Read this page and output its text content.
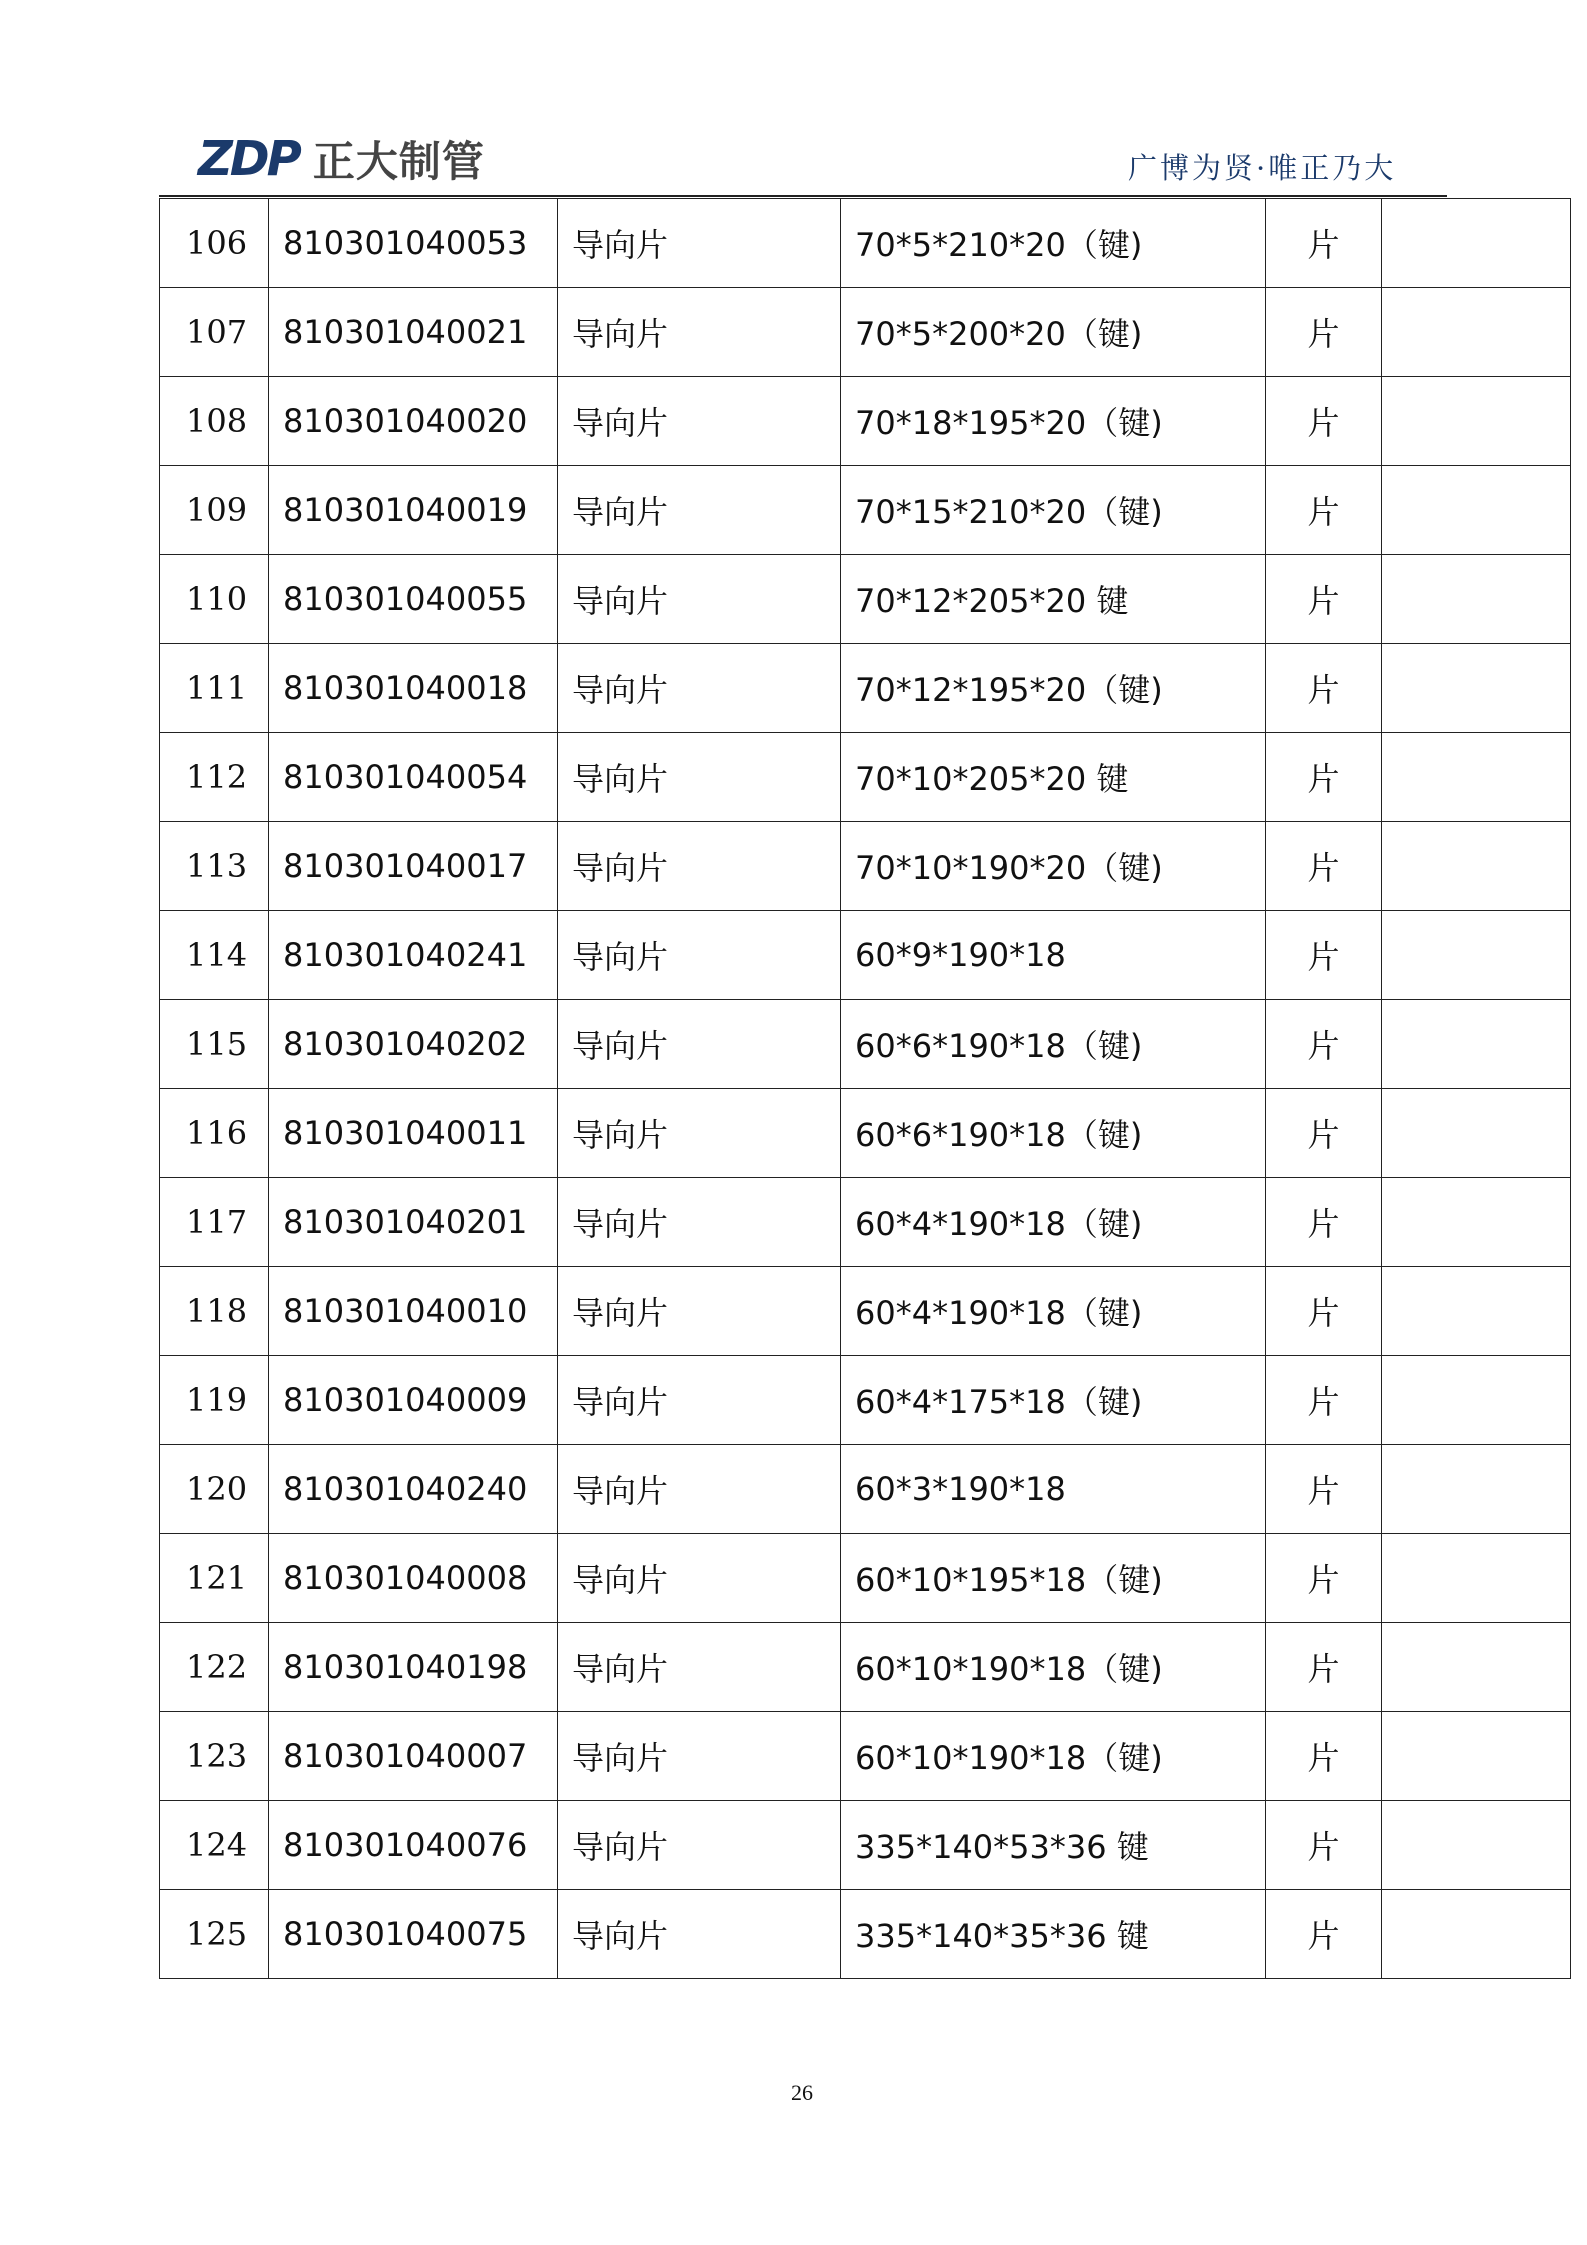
ZDP 正大制管	广博为贤·唯正乃大
106	810301040053	导向片	70*5*210*20（键)	片	
107	810301040021	导向片	70*5*200*20（键)	片	
108	810301040020	导向片	70*18*195*20（键)	片	
109	810301040019	导向片	70*15*210*20（键)	片	
110	810301040055	导向片	70*12*205*20 键	片	
111	810301040018	导向片	70*12*195*20（键)	片	
112	810301040054	导向片	70*10*205*20 键	片	
113	810301040017	导向片	70*10*190*20（键)	片	
114	810301040241	导向片	60*9*190*18	片	
115	810301040202	导向片	60*6*190*18（键)	片	
116	810301040011	导向片	60*6*190*18（键)	片	
117	810301040201	导向片	60*4*190*18（键)	片	
118	810301040010	导向片	60*4*190*18（键)	片	
119	810301040009	导向片	60*4*175*18（键)	片	
120	810301040240	导向片	60*3*190*18	片	
121	810301040008	导向片	60*10*195*18（键)	片	
122	810301040198	导向片	60*10*190*18（键)	片	
123	810301040007	导向片	60*10*190*18（键)	片	
124	810301040076	导向片	335*140*53*36 键	片	
125	810301040075	导向片	335*140*35*36 键	片	
26
